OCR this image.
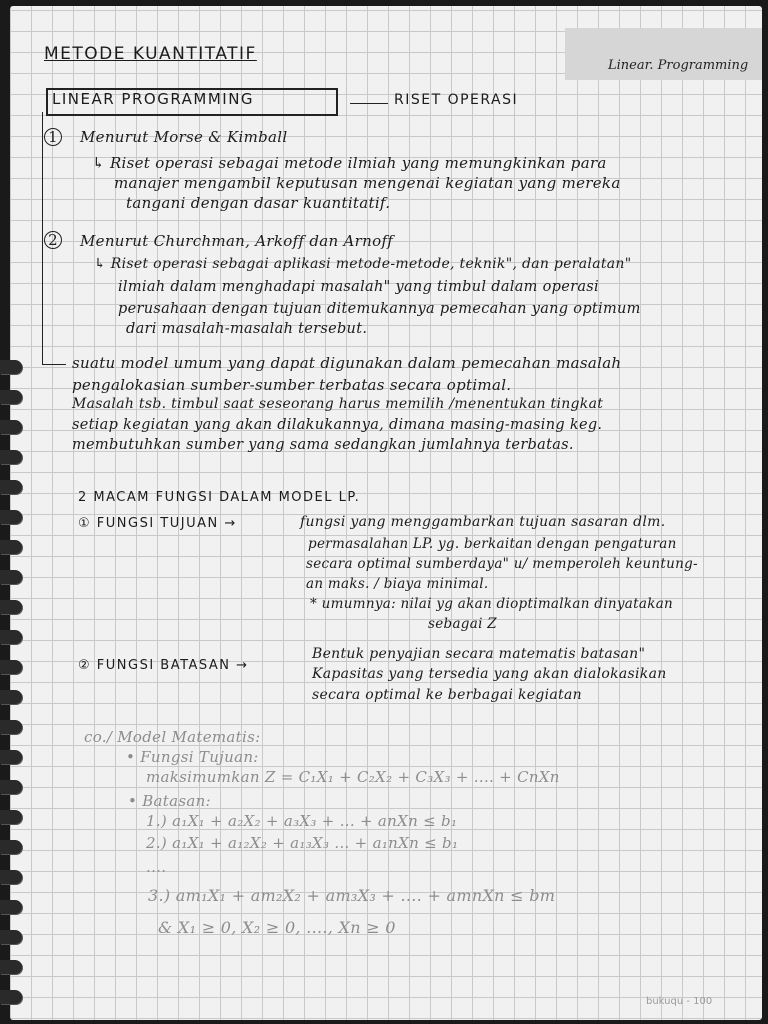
Linear. Programming
METODE KUANTITATIF
LINEAR PROGRAMMING	RISET OPERASI
1 Menurut Morse & Kimball
↳ Riset operasi sebagai metode ilmiah yang memungkinkan para
manajer mengambil keputusan mengenai kegiatan yang mereka
tangani dengan dasar kuantitatif.
2 Menurut Churchman, Arkoff dan Arnoff
↳ Riset operasi sebagai aplikasi metode-metode, teknik", dan peralatan"
ilmiah dalam menghadapi masalah" yang timbul dalam operasi
perusahaan dengan tujuan ditemukannya pemecahan yang optimum
dari masalah-masalah tersebut.
suatu model umum yang dapat digunakan dalam pemecahan masalah
pengalokasian sumber-sumber terbatas secara optimal.
Masalah tsb. timbul saat seseorang harus memilih /menentukan tingkat
setiap kegiatan yang akan dilakukannya, dimana masing-masing keg.
membutuhkan sumber yang sama sedangkan jumlahnya terbatas.
2 MACAM FUNGSI DALAM MODEL LP.
① FUNGSI TUJUAN →	fungsi yang menggambarkan tujuan sasaran dlm.
permasalahan LP. yg. berkaitan dengan pengaturan
secara optimal sumberdaya" u/ memperoleh keuntung-
an maks. / biaya minimal.
* umumnya: nilai yg akan dioptimalkan dinyatakan
sebagai Z
② FUNGSI BATASAN →
Bentuk penyajian secara matematis batasan"
Kapasitas yang tersedia yang akan dialokasikan
secara optimal ke berbagai kegiatan
co./ Model Matematis:
• Fungsi Tujuan:
maksimumkan Z = C₁X₁ + C₂X₂ + C₃X₃ + .... + CnXn
• Batasan:
1.) a₁X₁ + a₂X₂ + a₃X₃ + ... + anXn ≤ b₁
2.) a₁X₁ + a₁₂X₂ + a₁₃X₃ ... + a₁nXn ≤ b₁
....
3.) am₁X₁ + am₂X₂ + am₃X₃ + .... + amnXn ≤ bm
& X₁ ≥ 0, X₂ ≥ 0, ...., Xn ≥ 0
bukuqu - 100
